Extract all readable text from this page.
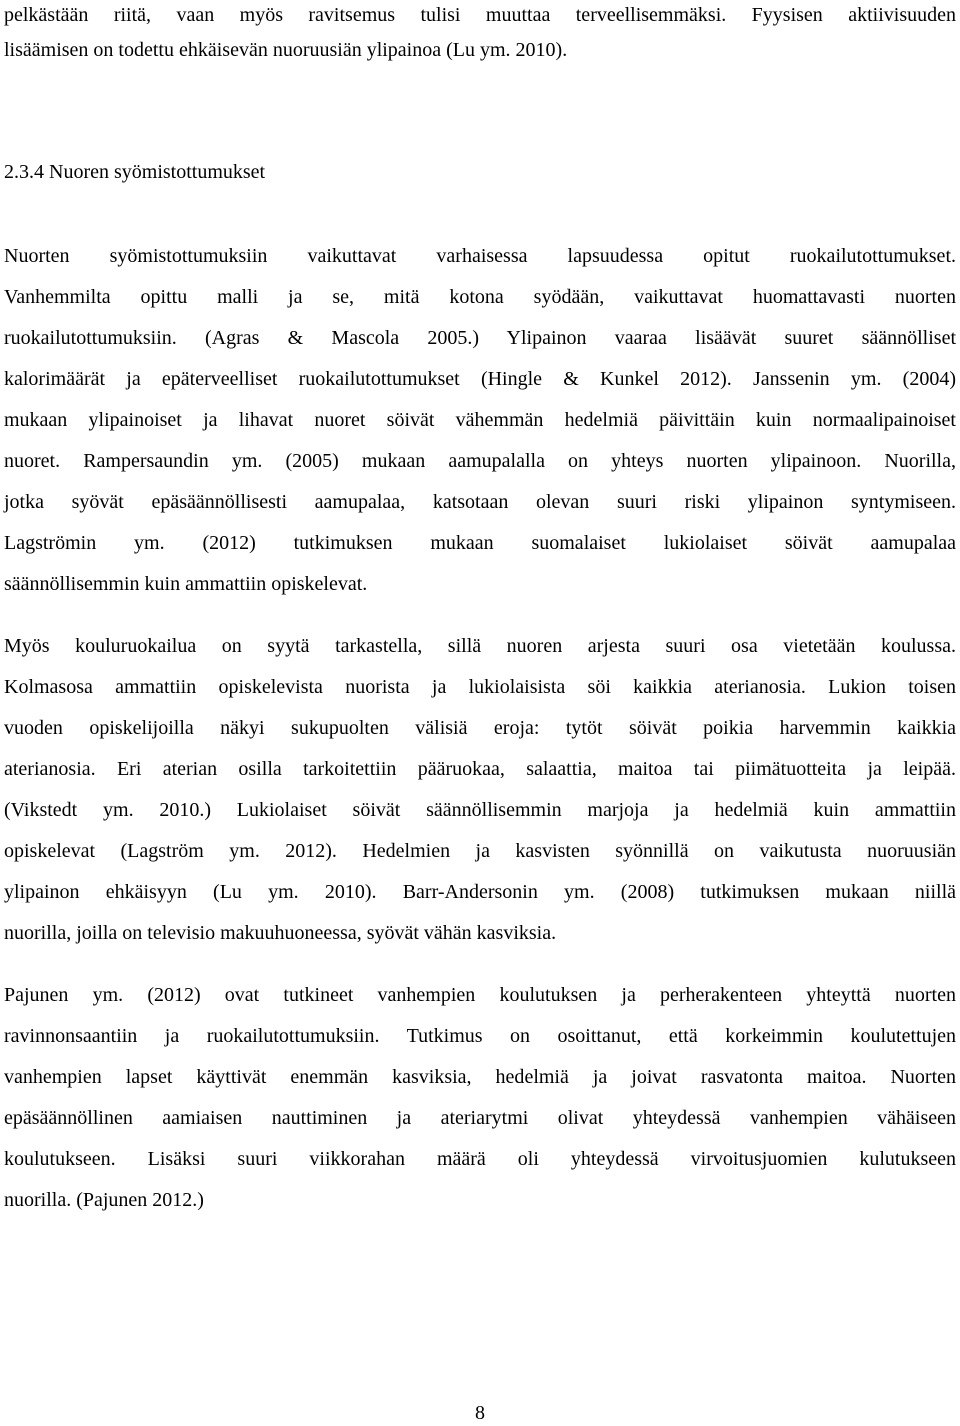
pelkästään riitä, vaan myös ravitsemus tulisi muuttaa terveellisemmäksi. Fyysisen aktiivisuuden
lisäämisen on todettu ehkäisevän nuoruusiän ylipainoa (Lu ym. 2010).
2.3.4 Nuoren syömistottumukset
Nuorten syömistottumuksiin vaikuttavat varhaisessa lapsuudessa opitut ruokailutottumukset.
Vanhemmilta opittu malli ja se, mitä kotona syödään, vaikuttavat huomattavasti nuorten
ruokailutottumuksiin. (Agras & Mascola 2005.) Ylipainon vaaraa lisäävät suuret säännölliset
kalorimäärät ja epäterveelliset ruokailutottumukset (Hingle & Kunkel 2012). Janssenin ym. (2004)
mukaan ylipainoiset ja lihavat nuoret söivät vähemmän hedelmiä päivittäin kuin normaalipainoiset
nuoret. Rampersaundin ym. (2005) mukaan aamupalalla on yhteys nuorten ylipainoon. Nuorilla,
jotka syövät epäsäännöllisesti aamupalaa, katsotaan olevan suuri riski ylipainon syntymiseen.
Lagströmin ym. (2012) tutkimuksen mukaan suomalaiset lukiolaiset söivät aamupalaa
säännöllisemmin kuin ammattiin opiskelevat.
Myös kouluruokailua on syytä tarkastella, sillä nuoren arjesta suuri osa vietetään koulussa.
Kolmasosa ammattiin opiskelevista nuorista ja lukiolaisista söi kaikkia aterianosia. Lukion toisen
vuoden opiskelijoilla näkyi sukupuolten välisiä eroja: tytöt söivät poikia harvemmin kaikkia
aterianosia. Eri aterian osilla tarkoitettiin pääruokaa, salaattia, maitoa tai piimätuotteita ja leipää.
(Vikstedt ym. 2010.) Lukiolaiset söivät säännöllisemmin marjoja ja hedelmiä kuin ammattiin
opiskelevat (Lagström ym. 2012). Hedelmien ja kasvisten syönnillä on vaikutusta nuoruusiän
ylipainon ehkäisyyn (Lu ym. 2010). Barr-Andersonin ym. (2008) tutkimuksen mukaan niillä
nuorilla, joilla on televisio makuuhuoneessa, syövät vähän kasviksia.
Pajunen ym. (2012) ovat tutkineet vanhempien koulutuksen ja perherakenteen yhteyttä nuorten
ravinnonsaantiin ja ruokailutottumuksiin. Tutkimus on osoittanut, että korkeimmin koulutettujen
vanhempien lapset käyttivät enemmän kasviksia, hedelmiä ja joivat rasvatonta maitoa. Nuorten
epäsäännöllinen aamiaisen nauttiminen ja ateriarytmi olivat yhteydessä vanhempien vähäiseen
koulutukseen. Lisäksi suuri viikkorahan määrä oli yhteydessä virvoitusjuomien kulutukseen
nuorilla. (Pajunen 2012.)
8
